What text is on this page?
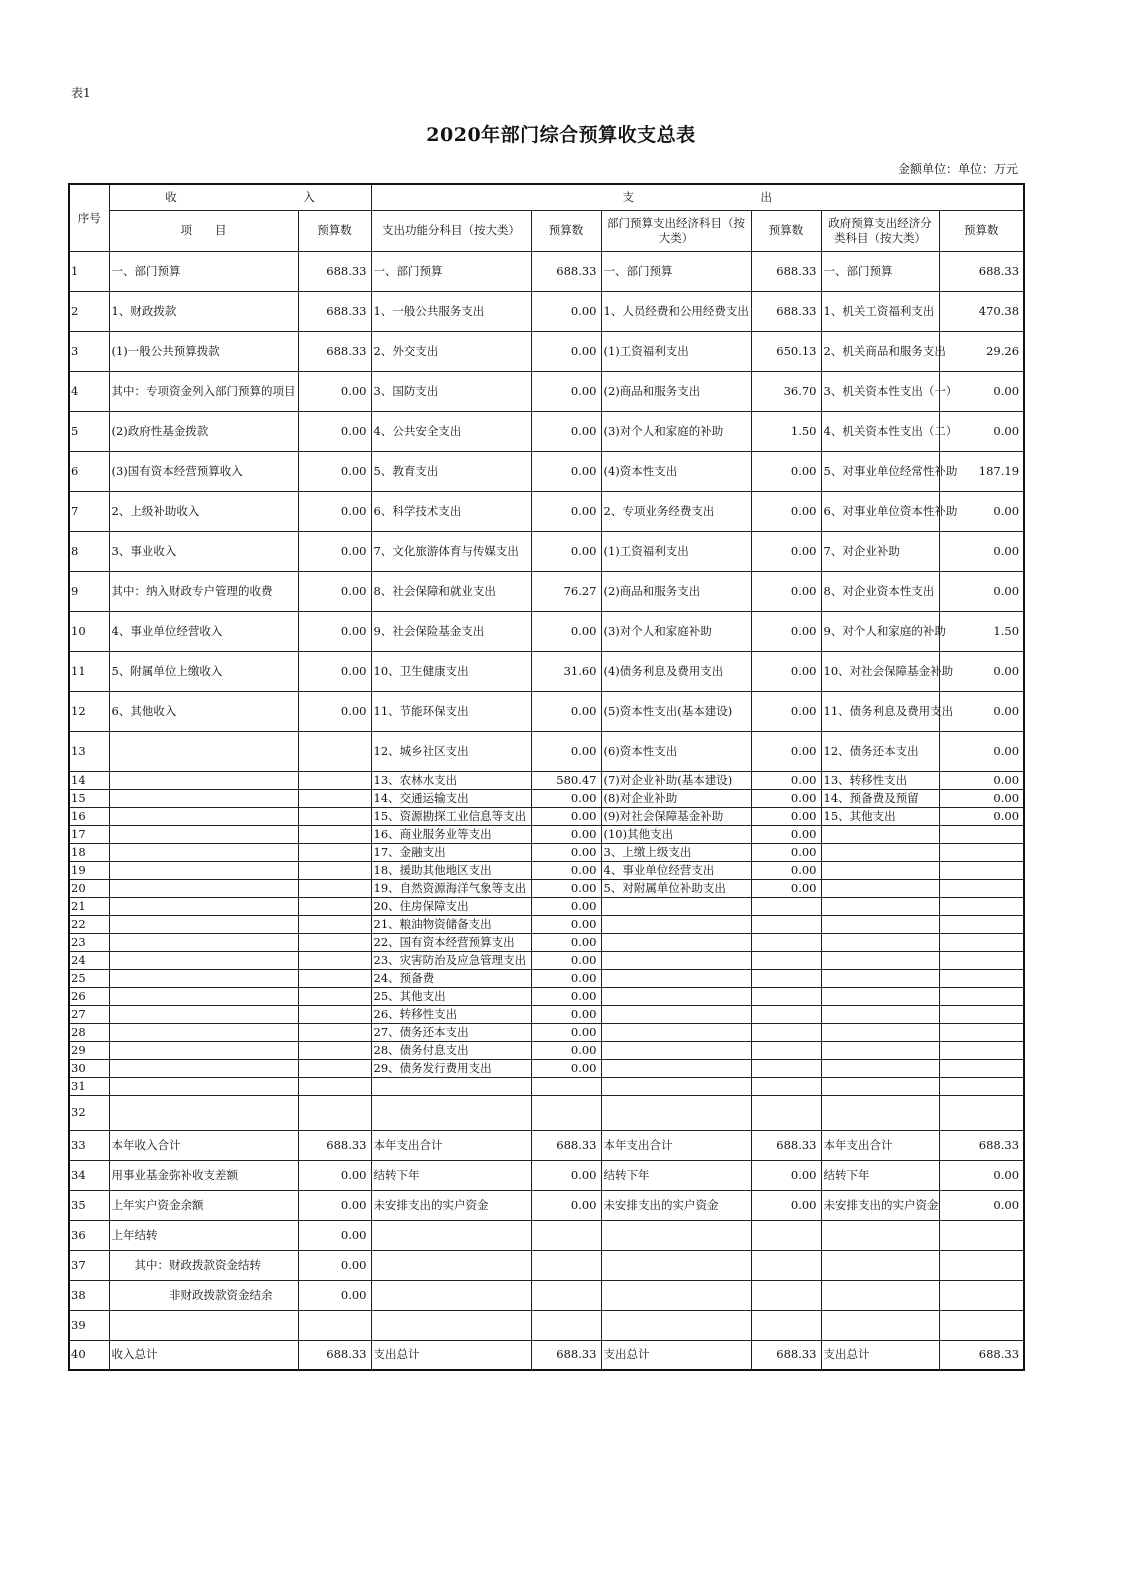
表1
2020年部门综合预算收支总表
金额单位：单位：万元
序号	收　　　　　　　　　　　入		支　　　　　　　　　　　出					
	项　　目	预算数	支出功能分科目（按大类）	预算数	部门预算支出经济科目（按大类）	预算数	政府预算支出经济分类科目（按大类）	预算数
1	一、部门预算	688.33	一、部门预算	688.33	一、部门预算	688.33	一、部门预算	688.33
2	1、财政拨款	688.33	1、一般公共服务支出	0.00	1、人员经费和公用经费支出	688.33	1、机关工资福利支出	470.38
3	(1)一般公共预算拨款	688.33	2、外交支出	0.00	(1)工资福利支出	650.13	2、机关商品和服务支出	29.26
4	其中：专项资金列入部门预算的项目	0.00	3、国防支出	0.00	(2)商品和服务支出	36.70	3、机关资本性支出（一）	0.00
5	(2)政府性基金拨款	0.00	4、公共安全支出	0.00	(3)对个人和家庭的补助	1.50	4、机关资本性支出（二）	0.00
6	(3)国有资本经营预算收入	0.00	5、教育支出	0.00	(4)资本性支出	0.00	5、对事业单位经常性补助	187.19
7	2、上级补助收入	0.00	6、科学技术支出	0.00	2、专项业务经费支出	0.00	6、对事业单位资本性补助	0.00
8	3、事业收入	0.00	7、文化旅游体育与传媒支出	0.00	(1)工资福利支出	0.00	7、对企业补助	0.00
9	其中：纳入财政专户管理的收费	0.00	8、社会保障和就业支出	76.27	(2)商品和服务支出	0.00	8、对企业资本性支出	0.00
10	4、事业单位经营收入	0.00	9、社会保险基金支出	0.00	(3)对个人和家庭补助	0.00	9、对个人和家庭的补助	1.50
11	5、附属单位上缴收入	0.00	10、卫生健康支出	31.60	(4)债务利息及费用支出	0.00	10、对社会保障基金补助	0.00
12	6、其他收入	0.00	11、节能环保支出	0.00	(5)资本性支出(基本建设)	0.00	11、债务利息及费用支出	0.00
13			12、城乡社区支出	0.00	(6)资本性支出	0.00	12、债务还本支出	0.00
14			13、农林水支出	580.47	(7)对企业补助(基本建设)	0.00	13、转移性支出	0.00
15			14、交通运输支出	0.00	(8)对企业补助	0.00	14、预备费及预留	0.00
16			15、资源勘探工业信息等支出	0.00	(9)对社会保障基金补助	0.00	15、其他支出	0.00
17			16、商业服务业等支出	0.00	(10)其他支出	0.00		
18			17、金融支出	0.00	3、上缴上级支出	0.00		
19			18、援助其他地区支出	0.00	4、事业单位经营支出	0.00		
20			19、自然资源海洋气象等支出	0.00	5、对附属单位补助支出	0.00		
21			20、住房保障支出	0.00				
22			21、粮油物资储备支出	0.00				
23			22、国有资本经营预算支出	0.00				
24			23、灾害防治及应急管理支出	0.00				
25			24、预备费	0.00				
26			25、其他支出	0.00				
27			26、转移性支出	0.00				
28			27、债务还本支出	0.00				
29			28、债务付息支出	0.00				
30			29、债务发行费用支出	0.00				
31								
32								
33	本年收入合计	688.33	本年支出合计	688.33	本年支出合计	688.33	本年支出合计	688.33
34	用事业基金弥补收支差额	0.00	结转下年	0.00	结转下年	0.00	结转下年	0.00
35	上年实户资金余额	0.00	未安排支出的实户资金	0.00	未安排支出的实户资金	0.00	未安排支出的实户资金	0.00
36	上年结转	0.00						
37	　　其中：财政拨款资金结转	0.00						
38	　　　　　非财政拨款资金结余	0.00						
39								
40	收入总计	688.33	支出总计	688.33	支出总计	688.33	支出总计	688.33
